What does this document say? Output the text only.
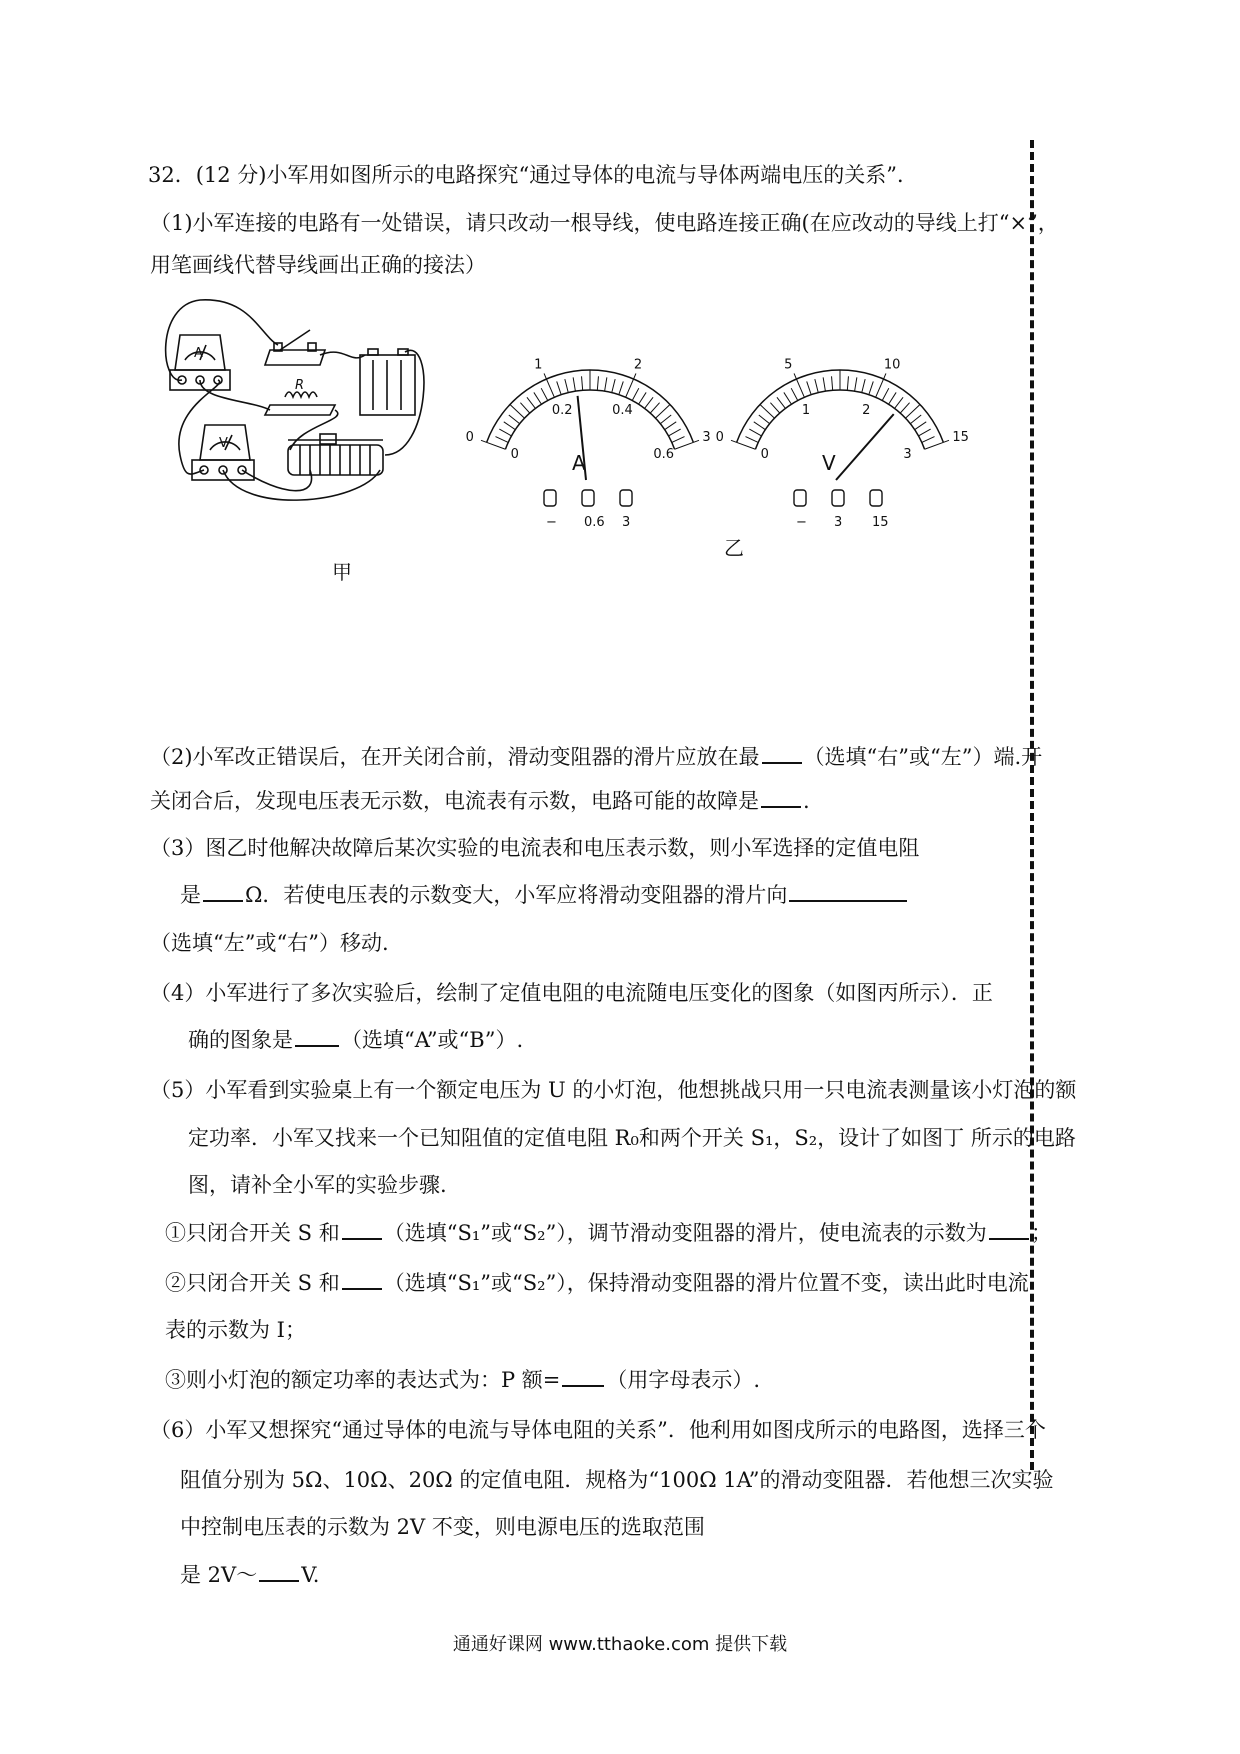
32．(12 分)小军用如图所示的电路探究“通过导体的电流与导体两端电压的关系”．
（1)小军连接的电路有一处错误，请只改动一根导线，使电路连接正确(在应改动的导线上打“×”，
用笔画线代替导线画出正确的接法）
A
V
R
甲
0
1	2
3
0
0.2	0.4
0.6
A
− 0.6 3
0
5	10
15
0
1	2
3
V
− 3 15
乙
（2)小军改正错误后，在开关闭合前，滑动变阻器的滑片应放在最 （选填“右”或“左”）端.开
关闭合后，发现电压表无示数，电流表有示数，电路可能的故障是 .
（3）图乙时他解决故障后某次实验的电流表和电压表示数，则小军选择的定值电阻
是 Ω．若使电压表的示数变大，小军应将滑动变阻器的滑片向
（选填“左”或“右”）移动.
（4）小军进行了多次实验后，绘制了定值电阻的电流随电压变化的图象（如图丙所示）．正
确的图象是 （选填“A”或“B”）.
（5）小军看到实验桌上有一个额定电压为 U 的小灯泡，他想挑战只用一只电流表测量该小灯泡的额
定功率．小军又找来一个已知阻值的定值电阻 R₀和两个开关 S₁，S₂，设计了如图丁 所示的电路
图，请补全小军的实验步骤.
①只闭合开关 S 和 （选填“S₁”或“S₂”），调节滑动变阻器的滑片，使电流表的示数为 ；
②只闭合开关 S 和 （选填“S₁”或“S₂”），保持滑动变阻器的滑片位置不变，读出此时电流
表的示数为 I；
③则小灯泡的额定功率的表达式为：P 额= （用字母表示）.
（6）小军又想探究“通过导体的电流与导体电阻的关系”．他利用如图戌所示的电路图，选择三个
阻值分别为 5Ω、10Ω、20Ω 的定值电阻．规格为“100Ω 1A”的滑动变阻器．若他想三次实验
中控制电压表的示数为 2V 不变，则电源电压的选取范围
是 2V～ V.
通通好课网 www.tthaoke.com 提供下载
